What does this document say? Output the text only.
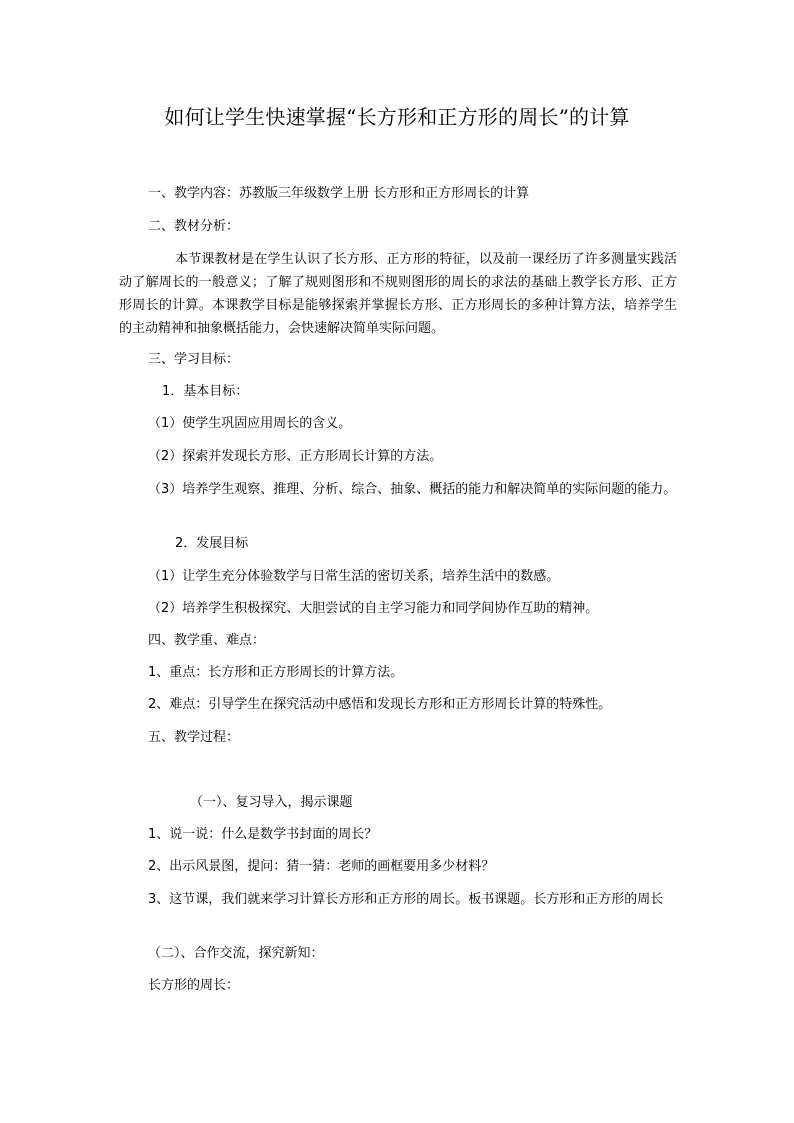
如何让学生快速掌握“长方形和正方形的周长”的计算
一、教学内容：苏教版三年级数学上册 长方形和正方形周长的计算
二、教材分析：
本节课教材是在学生认识了长方形、正方形的特征，以及前一课经历了许多测量实践活动了解周长的一般意义；了解了规则图形和不规则图形的周长的求法的基础上教学长方形、正方形周长的计算。本课教学目标是能够探索并掌握长方形、正方形周长的多种计算方法，培养学生的主动精神和抽象概括能力，会快速解决简单实际问题。
三、学习目标：
1．基本目标：
（1）使学生巩固应用周长的含义。
（2）探索并发现长方形、正方形周长计算的方法。
（3）培养学生观察、推理、分析、综合、抽象、概括的能力和解决简单的实际问题的能力。
2．发展目标
（1）让学生充分体验数学与日常生活的密切关系，培养生活中的数感。
（2）培养学生积极探究、大胆尝试的自主学习能力和同学间协作互助的精神。
四、教学重、难点：
1、重点：长方形和正方形周长的计算方法。
2、难点：引导学生在探究活动中感悟和发现长方形和正方形周长计算的特殊性。
五、教学过程：
（一）、复习导入，揭示课题
1、说一说：什么是数学书封面的周长？
2、出示风景图，提问：猜一猜：老师的画框要用多少材料？
3、这节课，我们就来学习计算长方形和正方形的周长。板书课题。长方形和正方形的周长
（二）、合作交流，探究新知：
长方形的周长：
